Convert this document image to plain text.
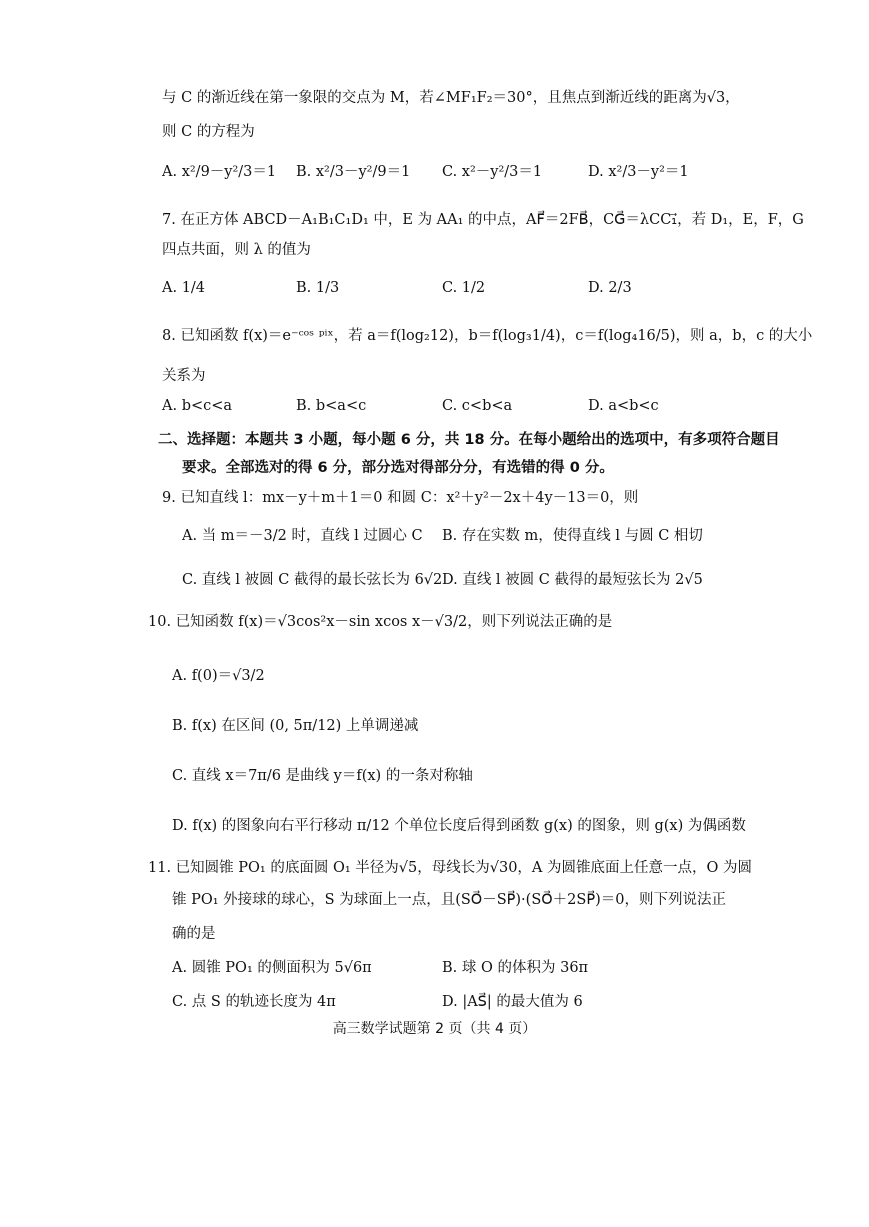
与 C 的渐近线在第一象限的交点为 M，若∠MF₁F₂＝30°，且焦点到渐近线的距离为√3，
则 C 的方程为
A. x²/9－y²/3＝1 B. x²/3－y²/9＝1 C. x²－y²/3＝1	D. x²/3－y²＝1
7. 在正方体 ABCD－A₁B₁C₁D₁ 中，E 为 AA₁ 的中点，AF⃗＝2FB⃗，CG⃗＝λCC₁⃗，若 D₁，E，F，G
四点共面，则 λ 的值为
A. 1/4	B. 1/3	C. 1/2	D. 2/3
8. 已知函数 f(x)＝e⁻ᶜᵒˢ ᵖⁱˣ，若 a＝f(log₂12)，b＝f(log₃1/4)，c＝f(log₄16/5)，则 a，b，c 的大小
关系为
A. b<c<a	B. b<a<c	C. c<b<a	D. a<b<c
二、选择题：本题共 3 小题，每小题 6 分，共 18 分。在每小题给出的选项中，有多项符合题目
要求。全部选对的得 6 分，部分选对得部分分，有选错的得 0 分。
9. 已知直线 l：mx－y＋m＋1＝0 和圆 C：x²＋y²－2x＋4y－13＝0，则
A. 当 m＝－3/2 时，直线 l 过圆心 C B. 存在实数 m，使得直线 l 与圆 C 相切
C. 直线 l 被圆 C 截得的最长弦长为 6√2 D. 直线 l 被圆 C 截得的最短弦长为 2√5
10. 已知函数 f(x)＝√3cos²x－sin xcos x－√3/2，则下列说法正确的是
A. f(0)＝√3/2
B. f(x) 在区间 (0, 5π/12) 上单调递减
C. 直线 x＝7π/6 是曲线 y＝f(x) 的一条对称轴
D. f(x) 的图象向右平行移动 π/12 个单位长度后得到函数 g(x) 的图象，则 g(x) 为偶函数
11. 已知圆锥 PO₁ 的底面圆 O₁ 半径为√5，母线长为√30，A 为圆锥底面上任意一点，O 为圆
锥 PO₁ 外接球的球心，S 为球面上一点，且(SO⃗－SP⃗)·(SO⃗＋2SP⃗)＝0，则下列说法正
确的是
A. 圆锥 PO₁ 的侧面积为 5√6π	B. 球 O 的体积为 36π
C. 点 S 的轨迹长度为 4π	D. |AS⃗| 的最大值为 6
高三数学试题第 2 页（共 4 页）
